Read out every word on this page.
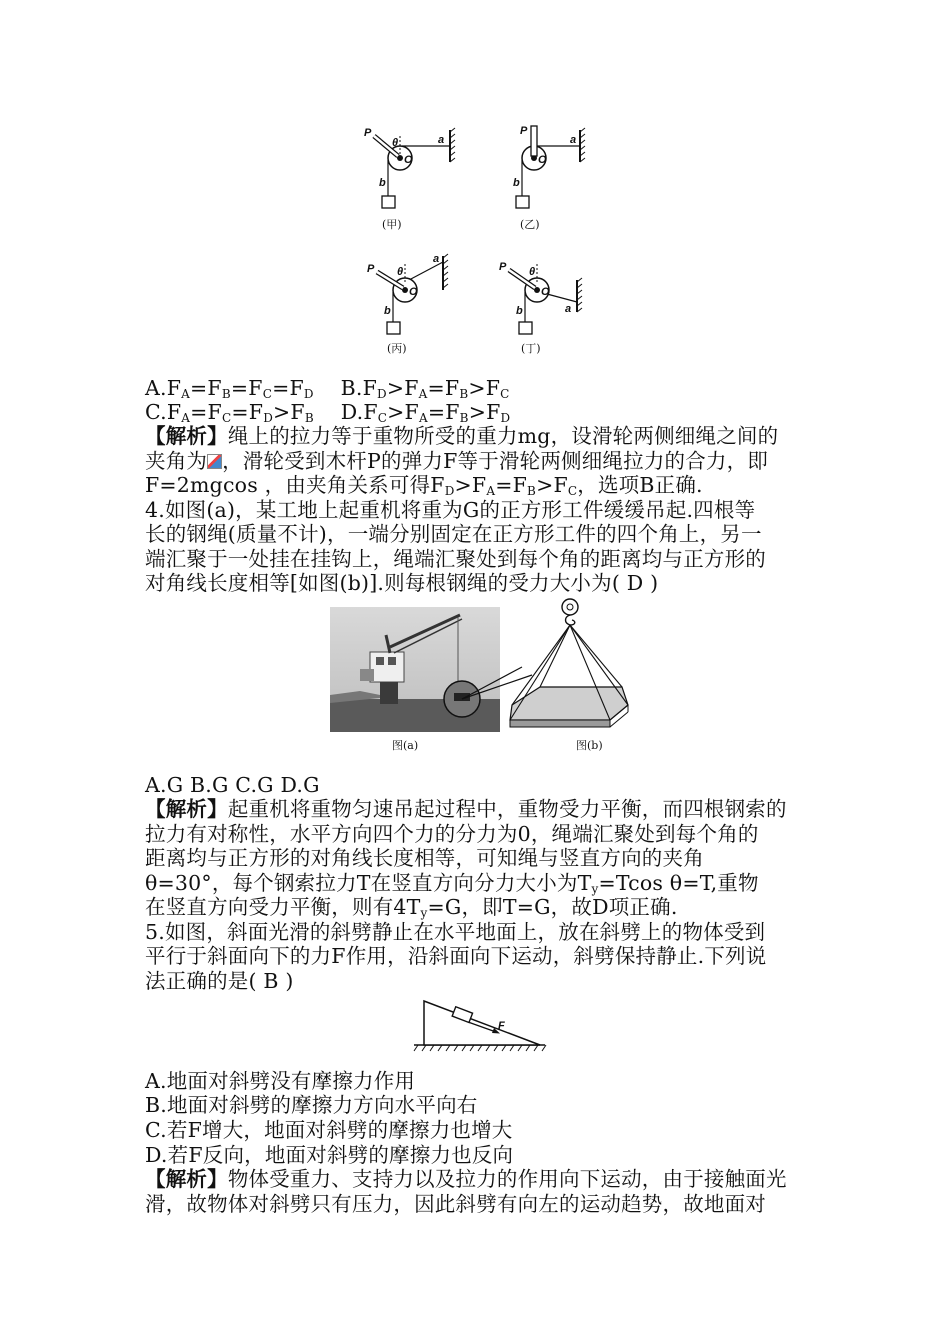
P
θ
O
a
b
(甲)
P
O
a
b
(乙)
P θ
O
a
b
(丙)
P θ
O
a
b
(丁)
$A.F_A=F_B=F_C=F_D$ $B.F_D>F_A=F_B>F_C$
$C.F_A=F_C=F_D>F_B$ $D.F_C>F_A=F_B>F_D$
【解析】绳上的拉力等于重物所受的重力mg，设滑轮两侧细绳之间的
夹角为 ，滑轮受到木杆P的弹力F等于滑轮两侧细绳拉力的合力，即
F=2mgcos ，由夹角关系可得$F_D>F_A=F_B>F_C$，选项B正确.
4.如图(a)，某工地上起重机将重为G的正方形工件缓缓吊起.四根等
长的钢绳(质量不计)，一端分别固定在正方形工件的四个角上，另一
端汇聚于一处挂在挂钩上，绳端汇聚处到每个角的距离均与正方形的
对角线长度相等[如图(b)].则每根钢绳的受力大小为( D )
图(a)	图(b)
A.G B.G C.G D.G
【解析】起重机将重物匀速吊起过程中，重物受力平衡，而四根钢索的
拉力有对称性，水平方向四个力的分力为0，绳端汇聚处到每个角的
距离均与正方形的对角线长度相等，可知绳与竖直方向的夹角
θ=30°，每个钢索拉力T在竖直方向分力大小为$T_y=Tcos$ θ=T,重物
在竖直方向受力平衡，则有$4T_y=G$，即T=G，故D项正确.
5.如图，斜面光滑的斜劈静止在水平地面上，放在斜劈上的物体受到
平行于斜面向下的力F作用，沿斜面向下运动，斜劈保持静止.下列说
法正确的是( B )
F
A.地面对斜劈没有摩擦力作用
B.地面对斜劈的摩擦力方向水平向右
C.若F增大，地面对斜劈的摩擦力也增大
D.若F反向，地面对斜劈的摩擦力也反向
【解析】物体受重力、支持力以及拉力的作用向下运动，由于接触面光
滑，故物体对斜劈只有压力，因此斜劈有向左的运动趋势，故地面对
